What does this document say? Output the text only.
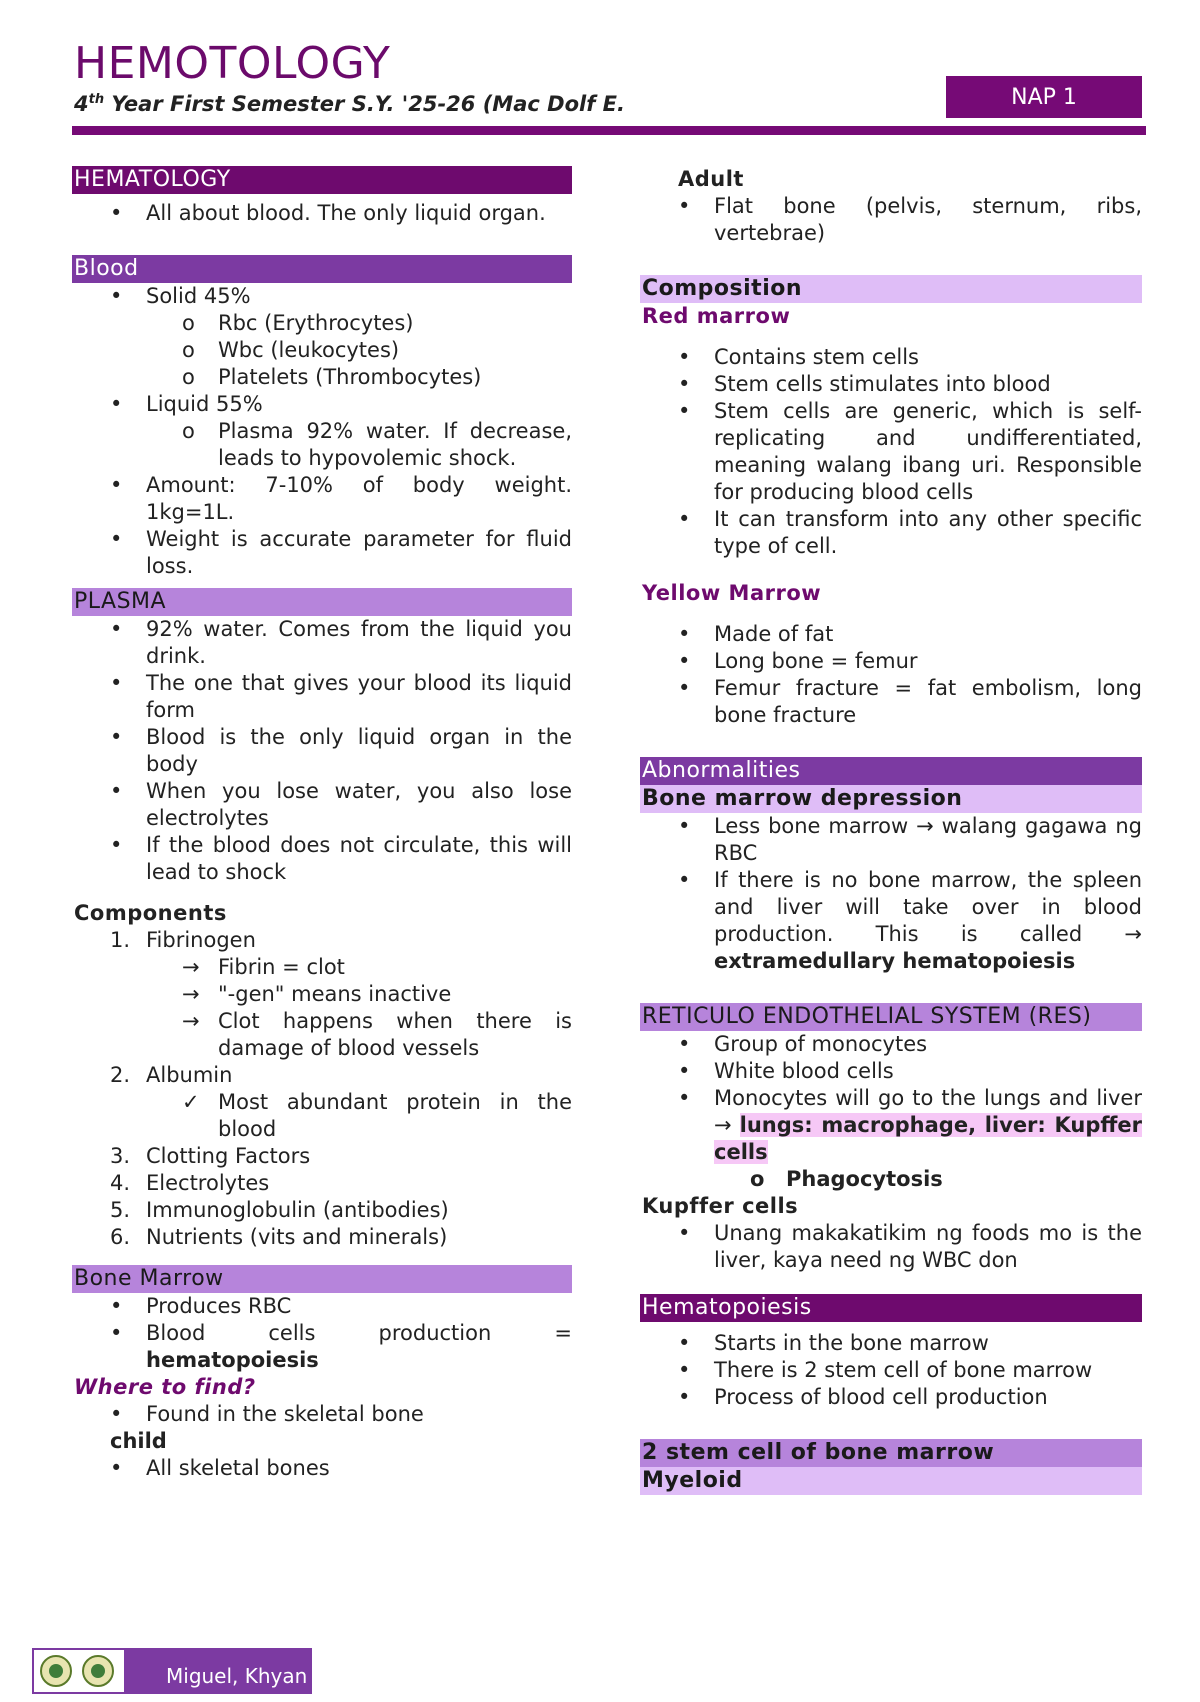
HEMOTOLOGY
4th Year First Semester S.Y. '25-26 (Mac Dolf E.	NAP 1
HEMATOLOGY
• All about blood. The only liquid organ.
Blood
• Solid 45%
o Rbc (Erythrocytes)
o Wbc (leukocytes)
o Platelets (Thrombocytes)
• Liquid 55%
o Plasma 92% water. If decrease, leads to hypovolemic shock.
• Amount: 7-10% of body weight. 1kg=1L.
• Weight is accurate parameter for fluid loss.
PLASMA
• 92% water. Comes from the liquid you drink.
• The one that gives your blood its liquid form
• Blood is the only liquid organ in the body
• When you lose water, you also lose electrolytes
• If the blood does not circulate, this will lead to shock
Components
1. Fibrinogen
→ Fibrin = clot
→ "-gen" means inactive
→ Clot happens when there is damage of blood vessels
2. Albumin
✓ Most abundant protein in the blood
3. Clotting Factors
4. Electrolytes
5. Immunoglobulin (antibodies)
6. Nutrients (vits and minerals)
Bone Marrow
• Produces RBC
• Blood	cells	production	=
hematopoiesis
Where to find?
• Found in the skeletal bone
child
• All skeletal bones
Adult
• Flat bone (pelvis, sternum, ribs, vertebrae)
Composition
Red marrow
• Contains stem cells
• Stem cells stimulates into blood
• Stem cells are generic, which is self-replicating and undifferentiated, meaning walang ibang uri. Responsible for producing blood cells
• It can transform into any other specific type of cell.
Yellow Marrow
• Made of fat
• Long bone = femur
• Femur fracture = fat embolism, long bone fracture
Abnormalities
Bone marrow depression
• Less bone marrow → walang gagawa ng RBC
• If there is no bone marrow, the spleen and liver will take over in blood production. This is called → extramedullary hematopoiesis
RETICULO ENDOTHELIAL SYSTEM (RES)
• Group of monocytes
• White blood cells
• Monocytes will go to the lungs and liver → lungs: macrophage, liver: Kupffer cells
o Phagocytosis
Kupffer cells
• Unang makakatikim ng foods mo is the liver, kaya need ng WBC don
Hematopoiesis
• Starts in the bone marrow
• There is 2 stem cell of bone marrow
• Process of blood cell production
2 stem cell of bone marrow
Myeloid
Miguel, Khyan
